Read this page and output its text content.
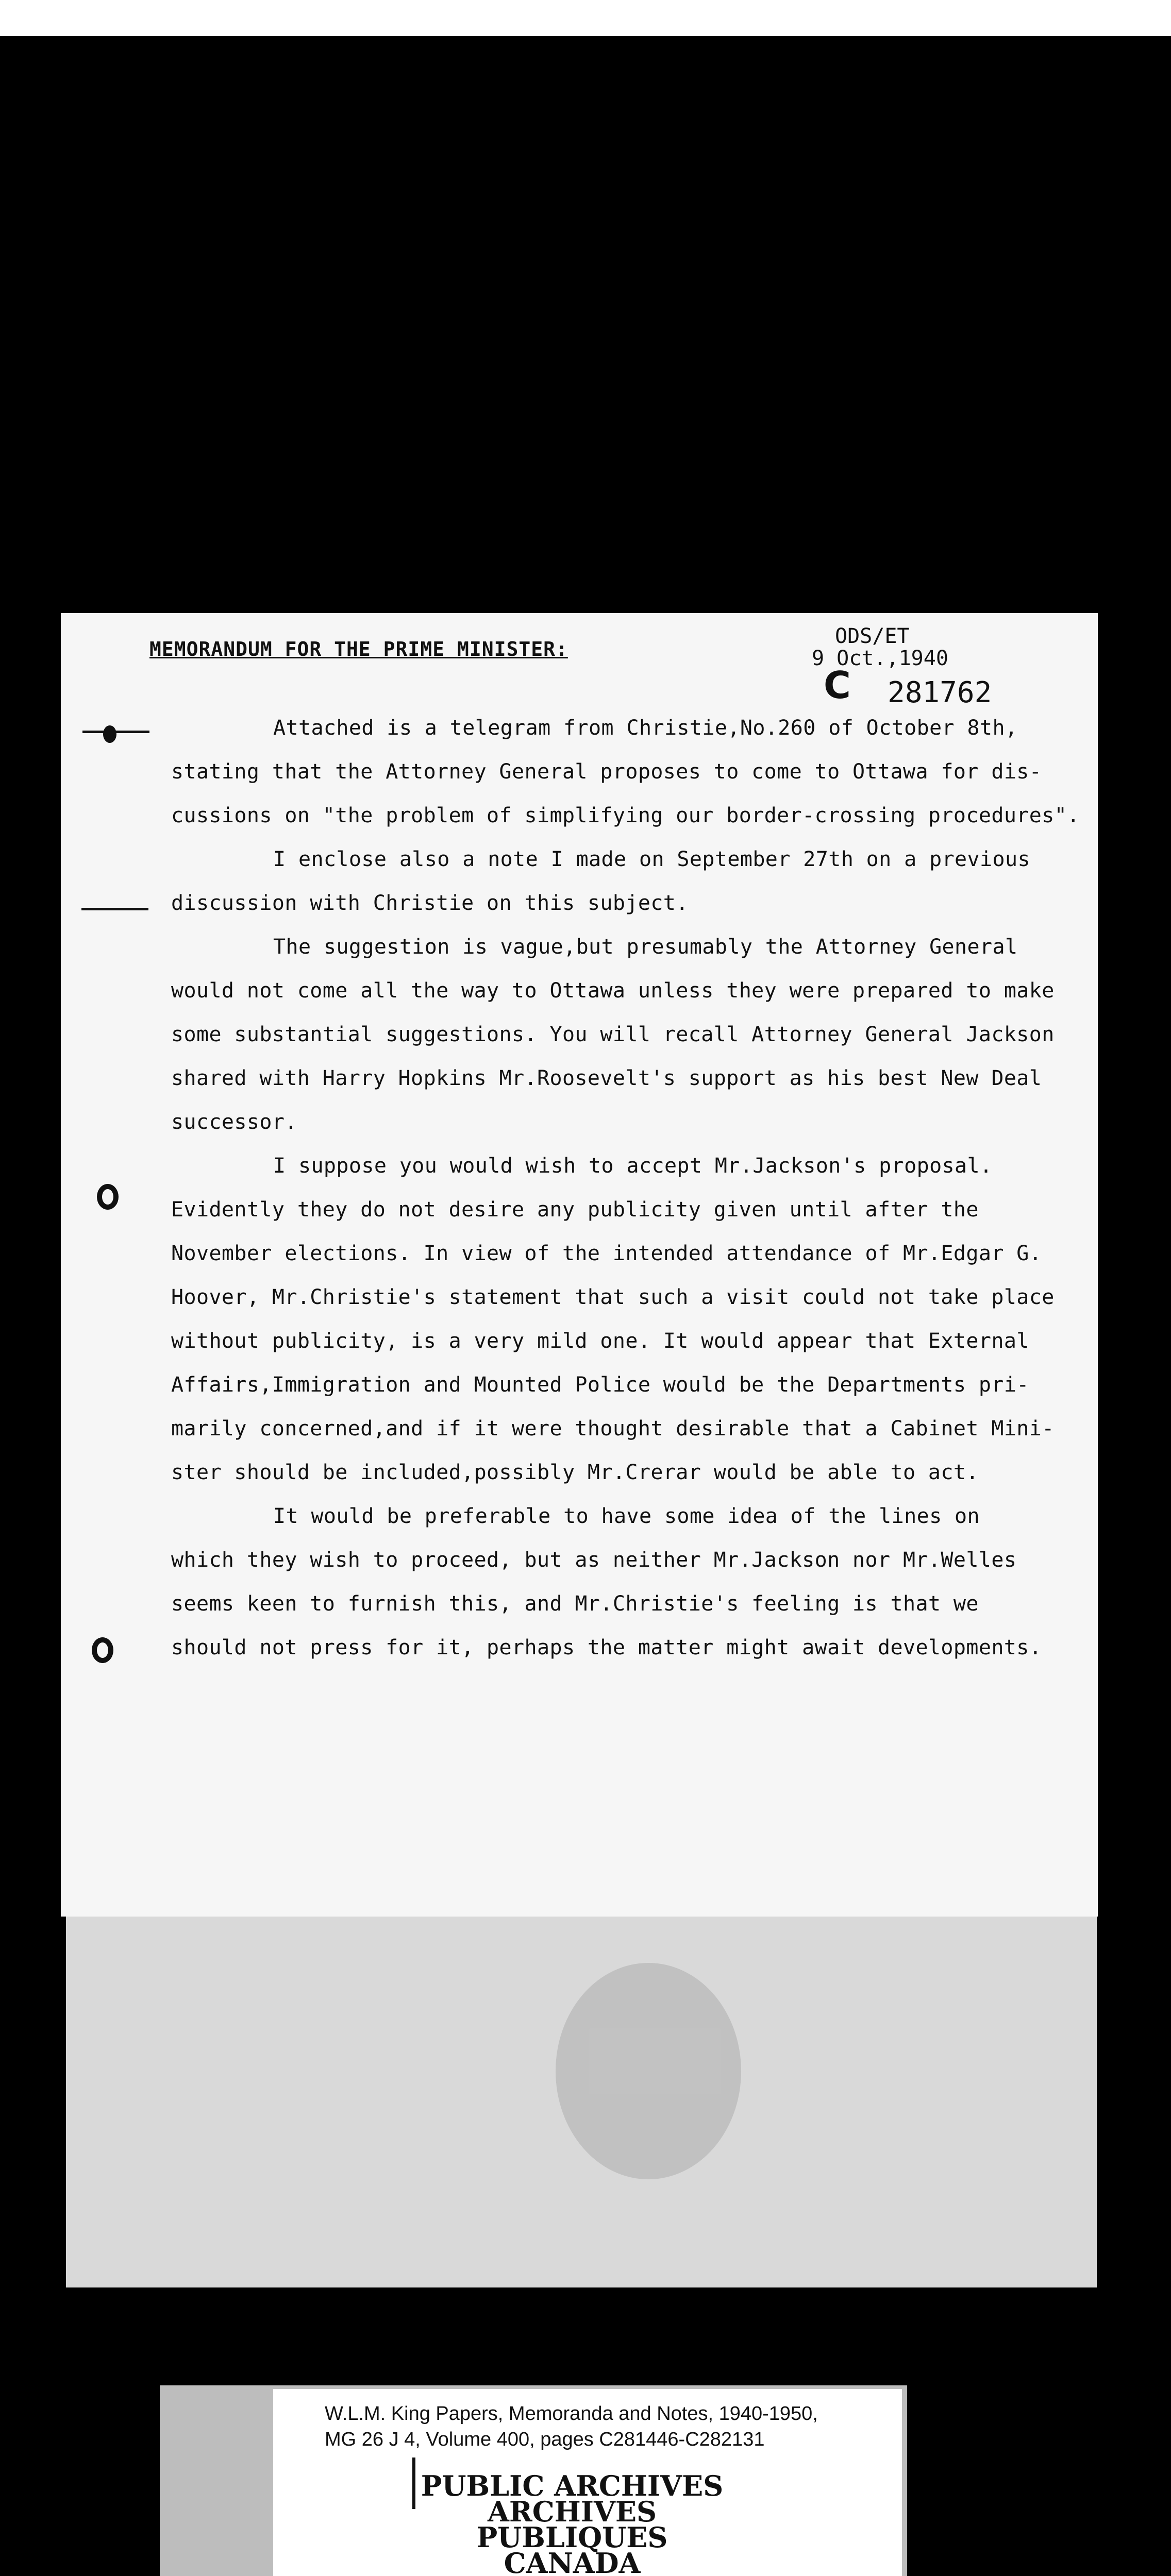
MEMORANDUM FOR THE PRIME MINISTER:
ODS/ET
9 Oct.,1940
C 281762
Attached is a telegram from Christie,No.260 of October 8th,
stating that the Attorney General proposes to come to Ottawa for dis-
cussions on "the problem of simplifying our border-crossing procedures".
I enclose also a note I made on September 27th on a previous
discussion with Christie on this subject.
The suggestion is vague,but presumably the Attorney General
would not come all the way to Ottawa unless they were prepared to make
some substantial suggestions. You will recall Attorney General Jackson
shared with Harry Hopkins Mr.Roosevelt's support as his best New Deal
successor.
I suppose you would wish to accept Mr.Jackson's proposal.
Evidently they do not desire any publicity given until after the
November elections. In view of the intended attendance of Mr.Edgar G.
Hoover, Mr.Christie's statement that such a visit could not take place
without publicity, is a very mild one. It would appear that External
Affairs,Immigration and Mounted Police would be the Departments pri-
marily concerned,and if it were thought desirable that a Cabinet Mini-
ster should be included,possibly Mr.Crerar would be able to act.
It would be preferable to have some idea of the lines on
which they wish to proceed, but as neither Mr.Jackson nor Mr.Welles
seems keen to furnish this, and Mr.Christie's feeling is that we
should not press for it, perhaps the matter might await developments.
W.L.M. King Papers, Memoranda and Notes, 1940-1950,
MG 26 J 4, Volume 400, pages C281446-C282131
PUBLIC ARCHIVES
ARCHIVES PUBLIQUES
CANADA
